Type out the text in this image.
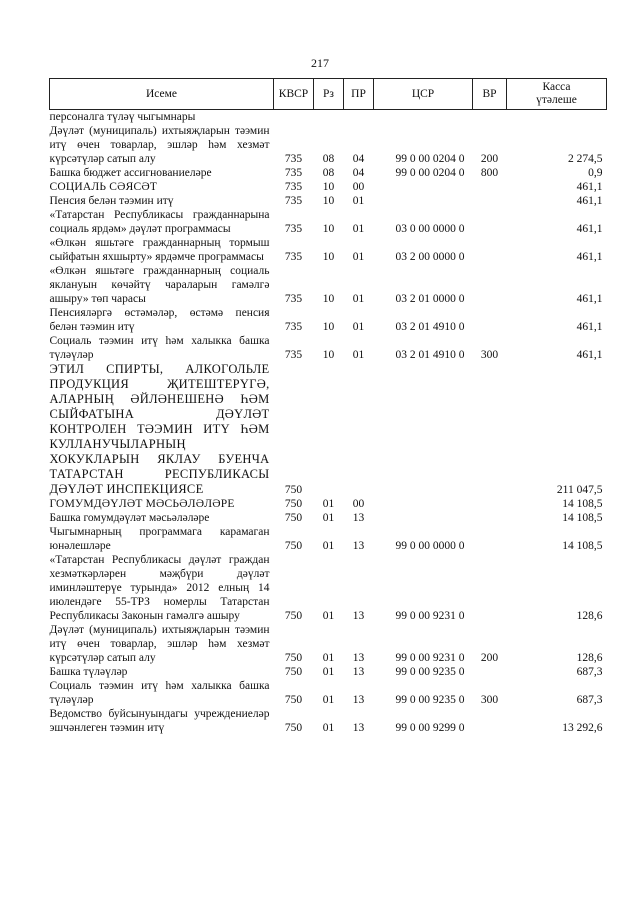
217
Исеме	КВСР	Рз	ПР	ЦСР	ВР	Касса
үтәлеше
персоналга түләү чыгымнары						
Дәүләт (муниципаль) ихтыяҗларын тәэмин итү өчен товарлар, эшләр һәм хезмәт күрсәтүләр сатып алу	735	08	04	99 0 00 0204 0	200	2 274,5
Башка бюджет ассигнованиеләре	735	08	04	99 0 00 0204 0	800	0,9
СОЦИАЛЬ СӘЯСӘТ	735	10	00			461,1
Пенсия белән тәэмин итү	735	10	01			461,1
«Татарстан Республикасы гражданнарына социаль ярдәм» дәүләт программасы	735	10	01	03 0 00 0000 0		461,1
«Өлкән яшьтәге гражданнарның тормыш сыйфатын яхшырту» ярдәмче программасы	735	10	01	03 2 00 0000 0		461,1
«Өлкән яшьтәге гражданнарның социаль яклануын көчәйтү чараларын гамәлгә ашыру» төп чарасы	735	10	01	03 2 01 0000 0		461,1
Пенсияләргә өстәмәләр, өстәмә пенсия белән тәэмин итү	735	10	01	03 2 01 4910 0		461,1
Социаль тәэмин итү һәм халыкка башка түләүләр	735	10	01	03 2 01 4910 0	300	461,1
ЭТИЛ СПИРТЫ, АЛКОГОЛЬЛЕ ПРОДУКЦИЯ ҖИТЕШТЕРҮГӘ, АЛАРНЫҢ ӘЙЛӘНЕШЕНӘ ҺӘМ СЫЙФАТЫНА ДӘҮЛӘТ КОНТРОЛЕН ТӘЭМИН ИТҮ ҺӘМ КУЛЛАНУЧЫЛАРНЫҢ ХОКУКЛАРЫН ЯКЛАУ БУЕНЧА ТАТАРСТАН РЕСПУБЛИКАСЫ ДӘҮЛӘТ ИНСПЕКЦИЯСЕ	750					211 047,5
ГОМУМДӘҮЛӘТ МӘСЬӘЛӘЛӘРЕ	750	01	00			14 108,5
Башка гомумдәүләт мәсьәләләре	750	01	13			14 108,5
Чыгымнарның программага карамаган юнәлешләре	750	01	13	99 0 00 0000 0		14 108,5
«Татарстан Республикасы дәүләт граждан хезмәткәрләрен мәҗбүри дәүләт иминләштерүе турында» 2012 елның 14 июлендәге 55-ТРЗ номерлы Татарстан Республикасы Законын гамәлгә ашыру	750	01	13	99 0 00 9231 0		128,6
Дәүләт (муниципаль) ихтыяҗларын тәэмин итү өчен товарлар, эшләр һәм хезмәт күрсәтүләр сатып алу	750	01	13	99 0 00 9231 0	200	128,6
Башка түләүләр	750	01	13	99 0 00 9235 0		687,3
Социаль тәэмин итү һәм халыкка башка түләүләр	750	01	13	99 0 00 9235 0	300	687,3
Ведомство буйсынуындагы учреждениеләр эшчәнлеген тәэмин итү	750	01	13	99 0 00 9299 0		13 292,6
